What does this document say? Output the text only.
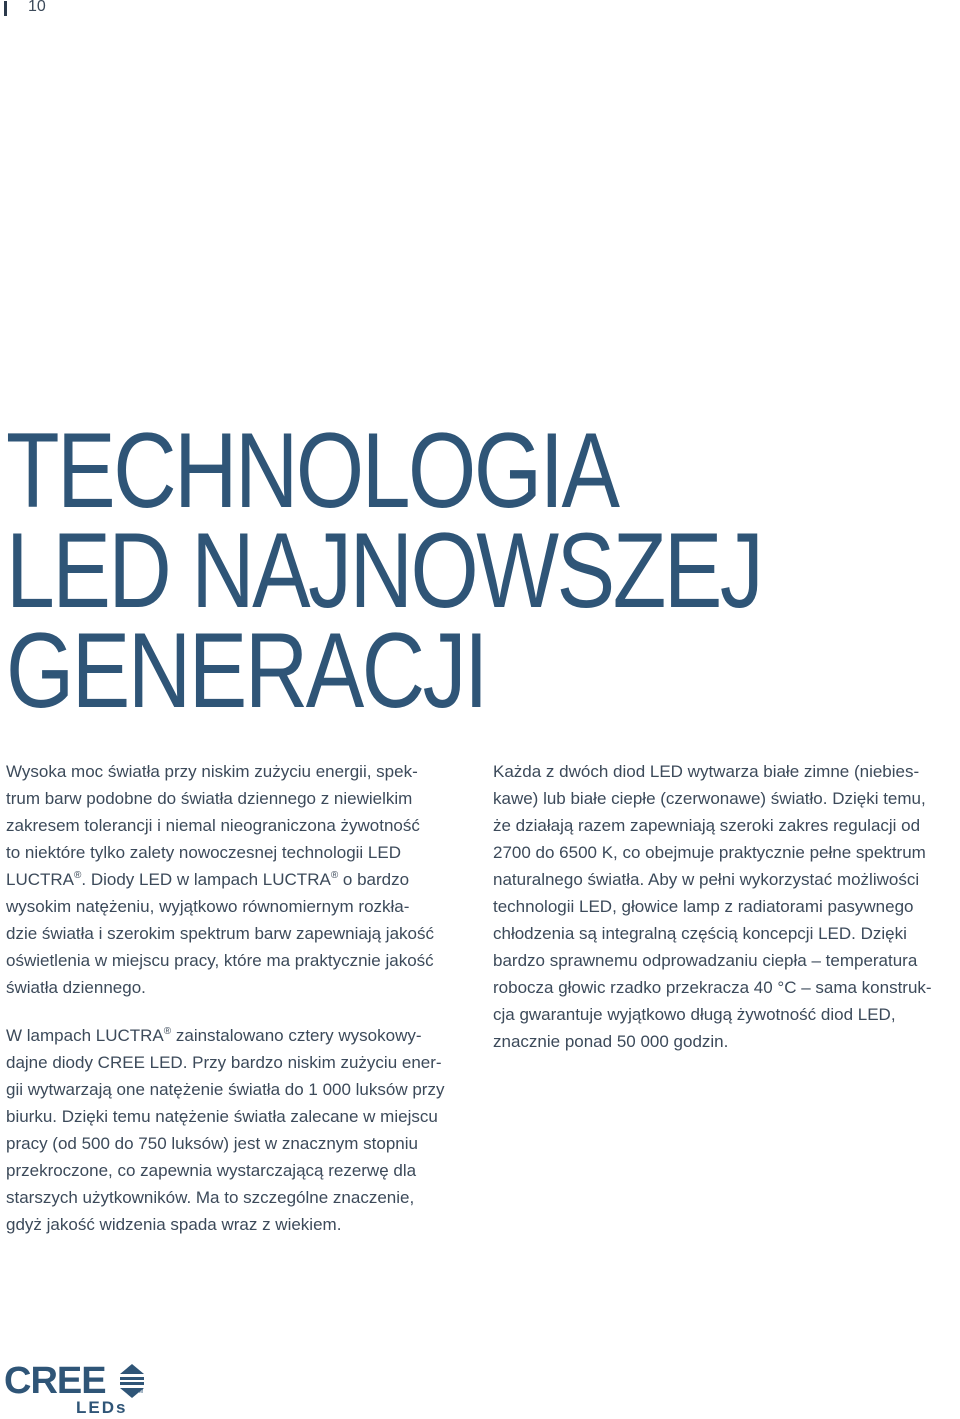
10
TECHNOLOGIA
LED NAJNOWSZEJ
GENERACJI

Wysoka moc światła przy niskim zużyciu energii, spek-
trum barw podobne do światła dziennego z niewielkim
zakresem tolerancji i niemal nieograniczona żywotność
to niektóre tylko zalety nowoczesnej technologii LED
LUCTRA®. Diody LED w lampach LUCTRA® o bardzo
wysokim natężeniu, wyjątkowo równomiernym rozkła-
dzie światła i szerokim spektrum barw zapewniają jakość
oświetlenia w miejscu pracy, które ma praktycznie jakość
światła dziennego.

W lampach LUCTRA® zainstalowano cztery wysokowy-
dajne diody CREE LED. Przy bardzo niskim zużyciu ener-
gii wytwarzają one natężenie światła do 1 000 luksów przy
biurku. Dzięki temu natężenie światła zalecane w miejscu
pracy (od 500 do 750 luksów) jest w znacznym stopniu
przekroczone, co zapewnia wystarczającą rezerwę dla
starszych użytkowników. Ma to szczególne znaczenie,
gdyż jakość widzenia spada wraz z wiekiem.

Każda z dwóch diod LED wytwarza białe zimne (niebies-
kawe) lub białe ciepłe (czerwonawe) światło. Dzięki temu,
że działają razem zapewniają szeroki zakres regulacji od
2700 do 6500 K, co obejmuje praktycznie pełne spektrum
naturalnego światła. Aby w pełni wykorzystać możliwości
technologii LED, głowice lamp z radiatorami pasywnego
chłodzenia są integralną częścią koncepcji LED. Dzięki
bardzo sprawnemu odprowadzaniu ciepła – temperatura
robocza głowic rzadko przekracza 40 °C – sama konstruk-
cja gwarantuje wyjątkowo długą żywotność diod LED,
znacznie ponad 50 000 godzin.

CREE	TM
LEDs
